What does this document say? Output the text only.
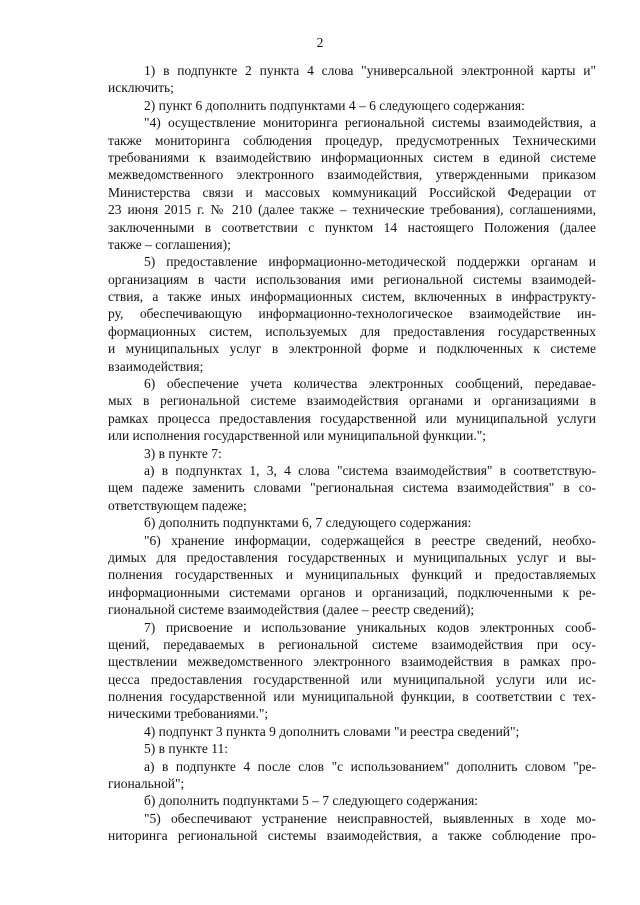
2
1) в подпункте 2 пункта 4 слова "универсальной электронной карты и"
исключить;
2) пункт 6 дополнить подпунктами 4 – 6 следующего содержания:
"4) осуществление мониторинга региональной системы взаимодействия, а
также мониторинга соблюдения процедур, предусмотренных Техническими
требованиями к взаимодействию информационных систем в единой системе
межведомственного электронного взаимодействия, утвержденными приказом
Министерства связи и массовых коммуникаций Российской Федерации от
23 июня 2015 г. № 210 (далее также – технические требования), соглашениями,
заключенными в соответствии с пунктом 14 настоящего Положения (далее
также – соглашения);
5) предоставление информационно-методической поддержки органам и
организациям в части использования ими региональной системы взаимодей-
ствия, а также иных информационных систем, включенных в инфраструкту-
ру, обеспечивающую информационно-технологическое взаимодействие ин-
формационных систем, используемых для предоставления государственных
и муниципальных услуг в электронной форме и подключенных к системе
взаимодействия;
6) обеспечение учета количества электронных сообщений, передавае-
мых в региональной системе взаимодействия органами и организациями в
рамках процесса предоставления государственной или муниципальной услуги
или исполнения государственной или муниципальной функции.";
3) в пункте 7:
а) в подпунктах 1, 3, 4 слова "система взаимодействия" в соответствую-
щем падеже заменить словами "региональная система взаимодействия" в со-
ответствующем падеже;
б) дополнить подпунктами 6, 7 следующего содержания:
"6) хранение информации, содержащейся в реестре сведений, необхо-
димых для предоставления государственных и муниципальных услуг и вы-
полнения государственных и муниципальных функций и предоставляемых
информационными системами органов и организаций, подключенными к ре-
гиональной системе взаимодействия (далее – реестр сведений);
7) присвоение и использование уникальных кодов электронных сооб-
щений, передаваемых в региональной системе взаимодействия при осу-
ществлении межведомственного электронного взаимодействия в рамках про-
цесса предоставления государственной или муниципальной услуги или ис-
полнения государственной или муниципальной функции, в соответствии с тех-
ническими требованиями.";
4) подпункт 3 пункта 9 дополнить словами "и реестра сведений";
5) в пункте 11:
а) в подпункте 4 после слов "с использованием" дополнить словом "ре-
гиональной";
б) дополнить подпунктами 5 – 7 следующего содержания:
"5) обеспечивают устранение неисправностей, выявленных в ходе мо-
ниторинга региональной системы взаимодействия, а также соблюдение про-
